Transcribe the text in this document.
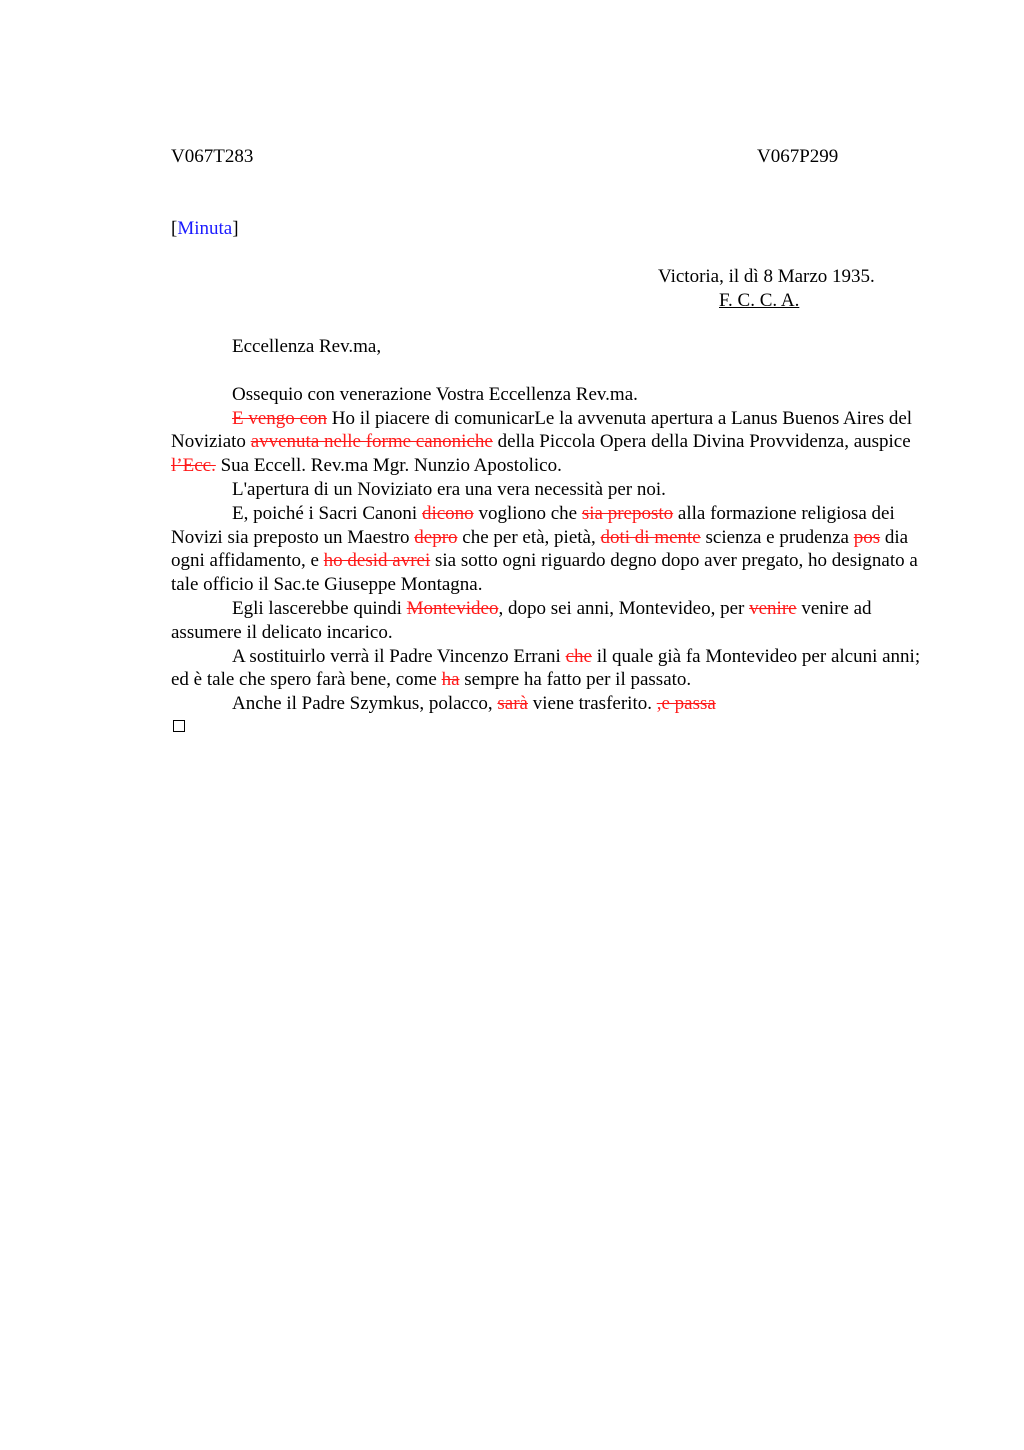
V067T283	V067P299
[Minuta]
Victoria, il dì 8 Marzo 1935.
F. C. C. A.

Eccellenza Rev.ma,

Ossequio con venerazione Vostra Eccellenza Rev.ma.

E vengo con Ho il piacere di comunicarLe la avvenuta apertura a Lanus Buenos Aires del Noviziato avvenuta nelle forme canoniche della Piccola Opera della Divina Provvidenza, auspice l’Ecc. Sua Eccell. Rev.ma Mgr. Nunzio Apostolico.

L'apertura di un Noviziato era una vera necessità per noi.

E, poiché i Sacri Canoni dicono vogliono che sia preposto alla formazione religiosa dei Novizi sia preposto un Maestro depro che per età, pietà, doti di mente scienza e prudenza pos dia ogni affidamento, e ho desid avrei sia sotto ogni riguardo degno dopo aver pregato, ho designato a tale officio il Sac.te Giuseppe Montagna.

Egli lascerebbe quindi Montevideo, dopo sei anni, Montevideo, per venire venire ad assumere il delicato incarico.

A sostituirlo verrà il Padre Vincenzo Errani che il quale già fa Montevideo per alcuni anni; ed è tale che spero farà bene, come ha sempre ha fatto per il passato.

Anche il Padre Szymkus, polacco, sarà viene trasferito. ,e passa
